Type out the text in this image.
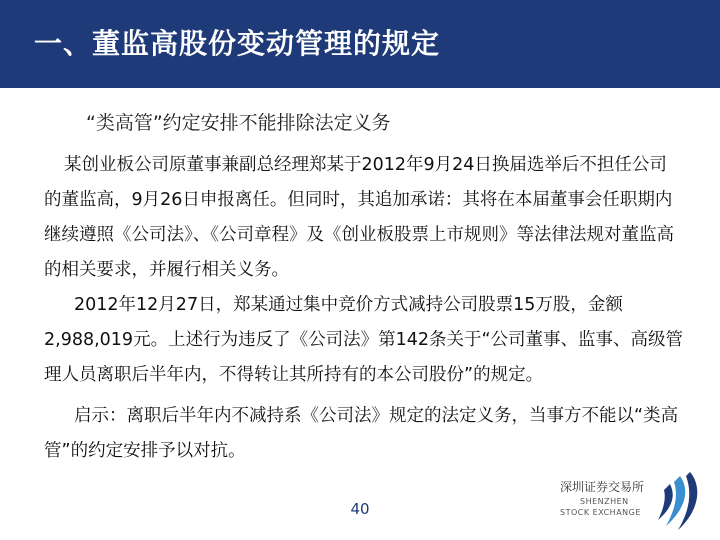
一、董监高股份变动管理的规定
“类高管”约定安排不能排除法定义务
某创业板公司原董事兼副总经理郑某于2012年9月24日换届选举后不担任公司的董监高，9月26日申报离任。但同时，其追加承诺：其将在本届董事会任职期内继续遵照《公司法》、《公司章程》及《创业板股票上市规则》等法律法规对董监高的相关要求，并履行相关义务。
2012年12月27日，郑某通过集中竞价方式减持公司股票15万股，金额2,988,019元。上述行为违反了《公司法》第142条关于“公司董事、监事、高级管理人员离职后半年内，不得转让其所持有的本公司股份”的规定。
启示：离职后半年内不减持系《公司法》规定的法定义务，当事方不能以“类高管”的约定安排予以对抗。
40
深圳证券交易所
SHENZHEN
STOCK EXCHANGE
